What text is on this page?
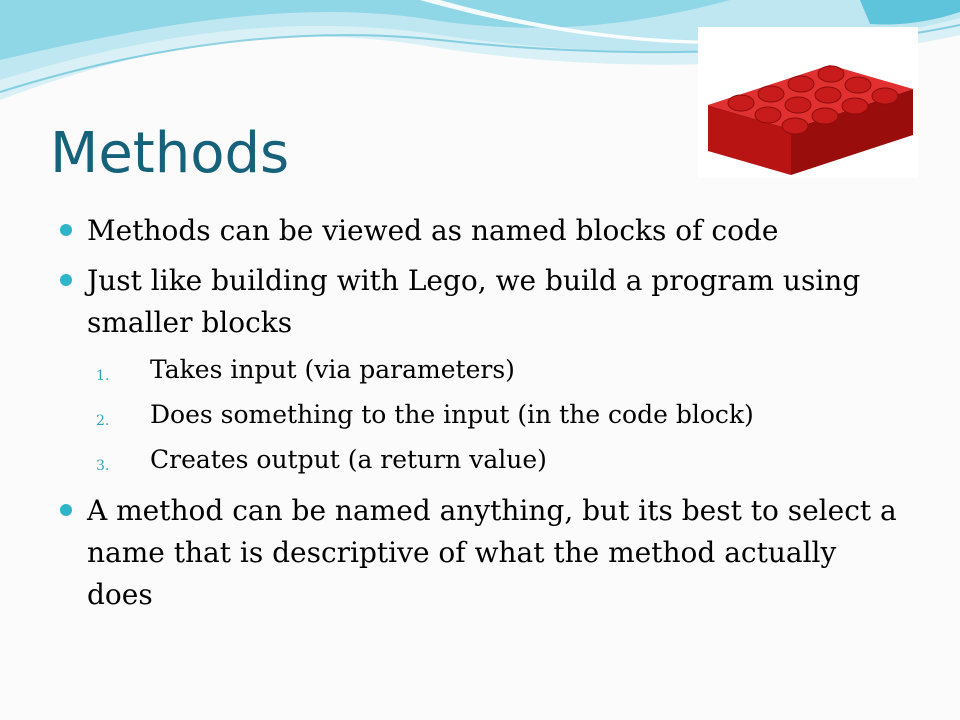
Methods
Methods can be viewed as named blocks of code
Just like building with Lego, we build a program using smaller blocks
1. Takes input (via parameters)
2. Does something to the input (in the code block)
3. Creates output (a return value)
A method can be named anything, but its best to select a name that is descriptive of what the method actually does
